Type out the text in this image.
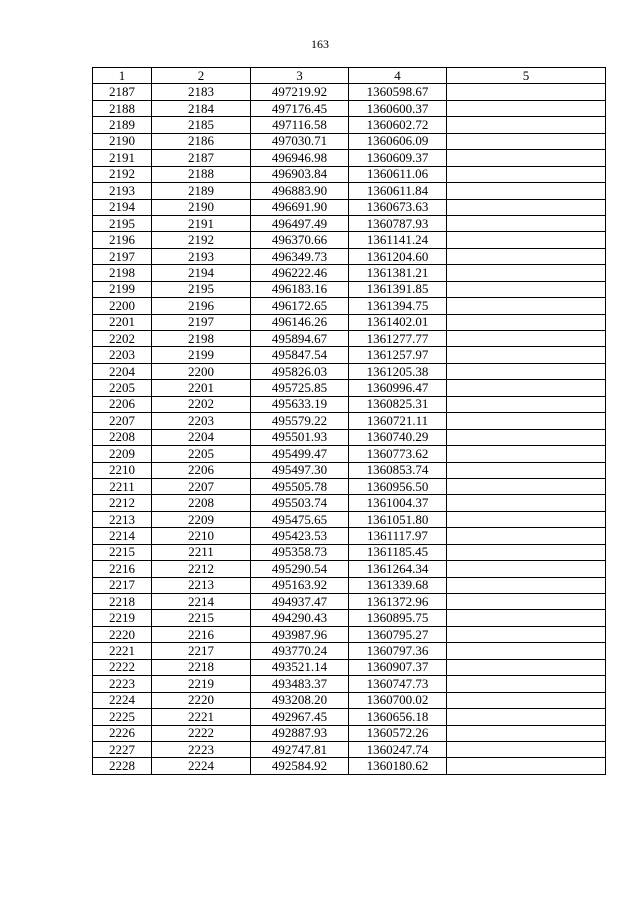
163
1	2	3	4	5
2187	2183	497219.92	1360598.67	
2188	2184	497176.45	1360600.37	
2189	2185	497116.58	1360602.72	
2190	2186	497030.71	1360606.09	
2191	2187	496946.98	1360609.37	
2192	2188	496903.84	1360611.06	
2193	2189	496883.90	1360611.84	
2194	2190	496691.90	1360673.63	
2195	2191	496497.49	1360787.93	
2196	2192	496370.66	1361141.24	
2197	2193	496349.73	1361204.60	
2198	2194	496222.46	1361381.21	
2199	2195	496183.16	1361391.85	
2200	2196	496172.65	1361394.75	
2201	2197	496146.26	1361402.01	
2202	2198	495894.67	1361277.77	
2203	2199	495847.54	1361257.97	
2204	2200	495826.03	1361205.38	
2205	2201	495725.85	1360996.47	
2206	2202	495633.19	1360825.31	
2207	2203	495579.22	1360721.11	
2208	2204	495501.93	1360740.29	
2209	2205	495499.47	1360773.62	
2210	2206	495497.30	1360853.74	
2211	2207	495505.78	1360956.50	
2212	2208	495503.74	1361004.37	
2213	2209	495475.65	1361051.80	
2214	2210	495423.53	1361117.97	
2215	2211	495358.73	1361185.45	
2216	2212	495290.54	1361264.34	
2217	2213	495163.92	1361339.68	
2218	2214	494937.47	1361372.96	
2219	2215	494290.43	1360895.75	
2220	2216	493987.96	1360795.27	
2221	2217	493770.24	1360797.36	
2222	2218	493521.14	1360907.37	
2223	2219	493483.37	1360747.73	
2224	2220	493208.20	1360700.02	
2225	2221	492967.45	1360656.18	
2226	2222	492887.93	1360572.26	
2227	2223	492747.81	1360247.74	
2228	2224	492584.92	1360180.62	
